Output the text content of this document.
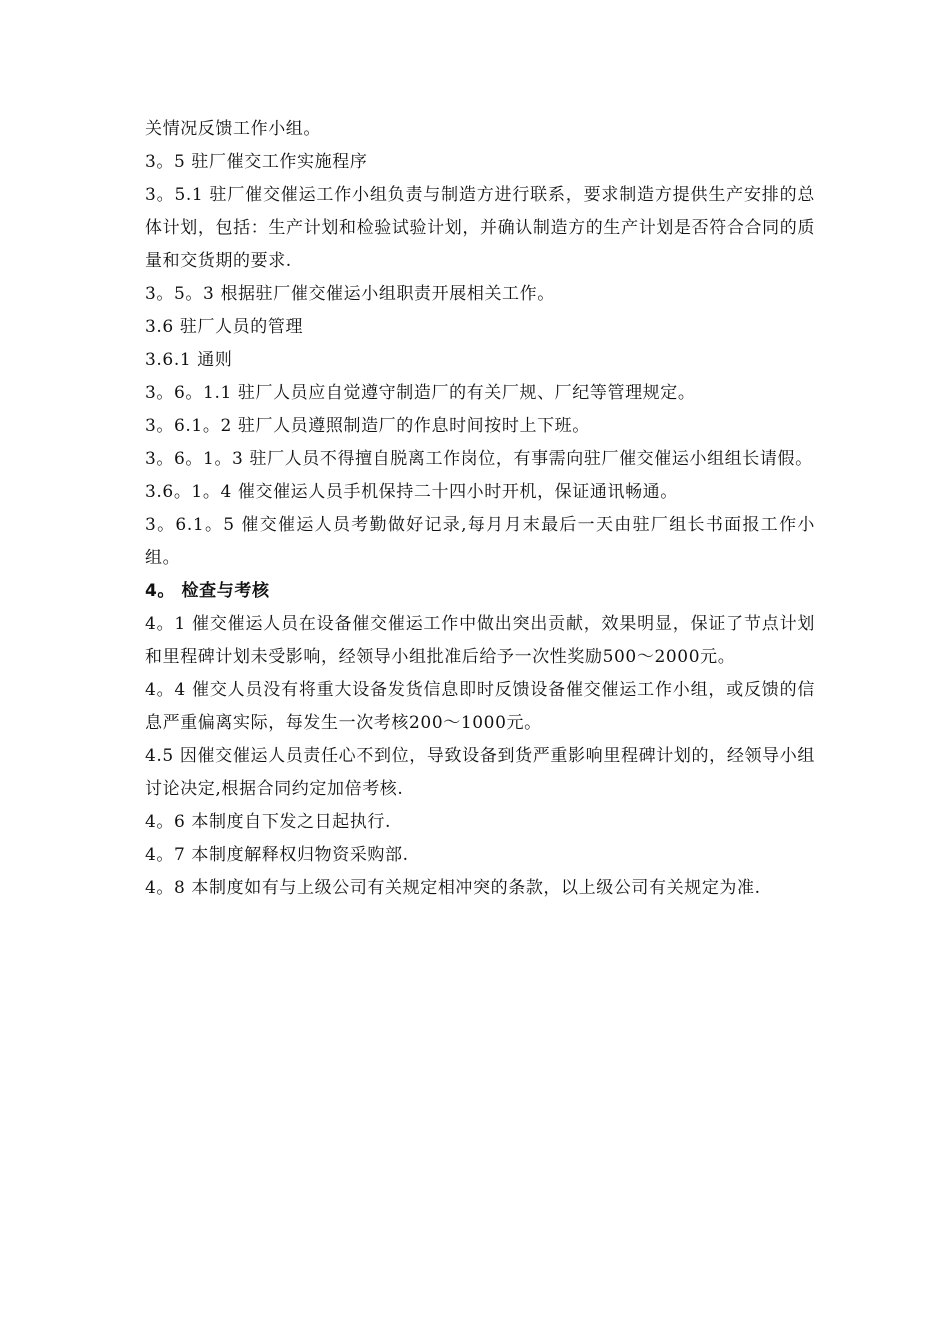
关情况反馈工作小组。

3。5 驻厂催交工作实施程序

3。5.1 驻厂催交催运工作小组负责与制造方进行联系，要求制造方提供生产安排的总体计划，包括：生产计划和检验试验计划，并确认制造方的生产计划是否符合合同的质量和交货期的要求.

3。5。3 根据驻厂催交催运小组职责开展相关工作。

3.6 驻厂人员的管理

3.6.1 通则

3。6。1.1 驻厂人员应自觉遵守制造厂的有关厂规、厂纪等管理规定。

3。6.1。2 驻厂人员遵照制造厂的作息时间按时上下班。

3。6。1。3 驻厂人员不得擅自脱离工作岗位，有事需向驻厂催交催运小组组长请假。

3.6。1。4 催交催运人员手机保持二十四小时开机，保证通讯畅通。

3。6.1。5 催交催运人员考勤做好记录,每月月末最后一天由驻厂组长书面报工作小组。

4。 检查与考核

4。1 催交催运人员在设备催交催运工作中做出突出贡献，效果明显，保证了节点计划和里程碑计划未受影响，经领导小组批准后给予一次性奖励500～2000元。

4。4 催交人员没有将重大设备发货信息即时反馈设备催交催运工作小组，或反馈的信息严重偏离实际，每发生一次考核200～1000元。

4.5 因催交催运人员责任心不到位，导致设备到货严重影响里程碑计划的，经领导小组讨论决定,根据合同约定加倍考核.

4。6 本制度自下发之日起执行.

4。7 本制度解释权归物资采购部.

4。8 本制度如有与上级公司有关规定相冲突的条款，以上级公司有关规定为准.
